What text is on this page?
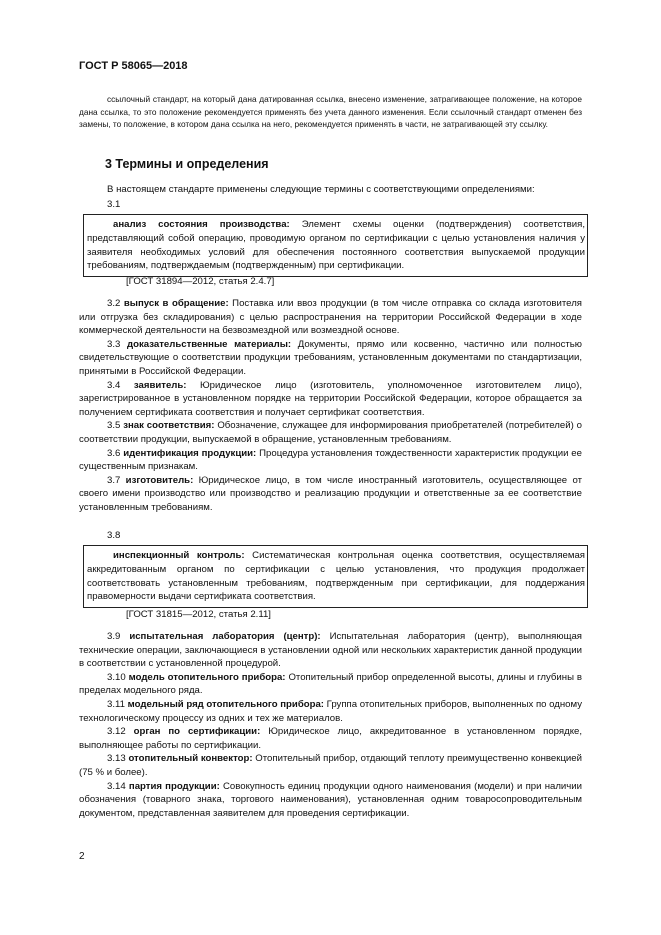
ГОСТ Р 58065—2018

ссылочный стандарт, на который дана датированная ссылка, внесено изменение, затрагивающее положение, на которое дана ссылка, то это положение рекомендуется применять без учета данного изменения. Если ссылочный стандарт отменен без замены, то положение, в котором дана ссылка на него, рекомендуется применять в части, не затрагивающей эту ссылку.

3 Термины и определения

В настоящем стандарте применены следующие термины с соответствующими определениями:

3.1
анализ состояния производства: Элемент схемы оценки (подтверждения) соответствия, представляющий собой операцию, проводимую органом по сертификации с целью установления наличия у заявителя необходимых условий для обеспечения постоянного соответствия выпускаемой продукции требованиям, подтверждаемым (подтвержденным) при сертификации.
[ГОСТ 31894—2012, статья 2.4.7]

3.2 выпуск в обращение: Поставка или ввоз продукции (в том числе отправка со склада изготовителя или отгрузка без складирования) с целью распространения на территории Российской Федерации в ходе коммерческой деятельности на безвозмездной или возмездной основе.

3.3 доказательственные материалы: Документы, прямо или косвенно, частично или полностью свидетельствующие о соответствии продукции требованиям, установленным документами по стандартизации, принятыми в Российской Федерации.

3.4 заявитель: Юридическое лицо (изготовитель, уполномоченное изготовителем лицо), зарегистрированное в установленном порядке на территории Российской Федерации, которое обращается за получением сертификата соответствия и получает сертификат соответствия.

3.5 знак соответствия: Обозначение, служащее для информирования приобретателей (потребителей) о соответствии продукции, выпускаемой в обращение, установленным требованиям.

3.6 идентификация продукции: Процедура установления тождественности характеристик продукции ее существенным признакам.

3.7 изготовитель: Юридическое лицо, в том числе иностранный изготовитель, осуществляющее от своего имени производство или производство и реализацию продукции и ответственные за ее соответствие установленным требованиям.

3.8
инспекционный контроль: Систематическая контрольная оценка соответствия, осуществляемая аккредитованным органом по сертификации с целью установления, что продукция продолжает соответствовать установленным требованиям, подтвержденным при сертификации, для поддержания правомерности выдачи сертификата соответствия.
[ГОСТ 31815—2012, статья 2.11]

3.9 испытательная лаборатория (центр): Испытательная лаборатория (центр), выполняющая технические операции, заключающиеся в установлении одной или нескольких характеристик данной продукции в соответствии с установленной процедурой.

3.10 модель отопительного прибора: Отопительный прибор определенной высоты, длины и глубины в пределах модельного ряда.

3.11 модельный ряд отопительного прибора: Группа отопительных приборов, выполненных по одному технологическому процессу из одних и тех же материалов.

3.12 орган по сертификации: Юридическое лицо, аккредитованное в установленном порядке, выполняющее работы по сертификации.

3.13 отопительный конвектор: Отопительный прибор, отдающий теплоту преимущественно конвекцией (75 % и более).

3.14 партия продукции: Совокупность единиц продукции одного наименования (модели) и при наличии обозначения (товарного знака, торгового наименования), установленная одним товаросопроводительным документом, представленная заявителем для проведения сертификации.

2
